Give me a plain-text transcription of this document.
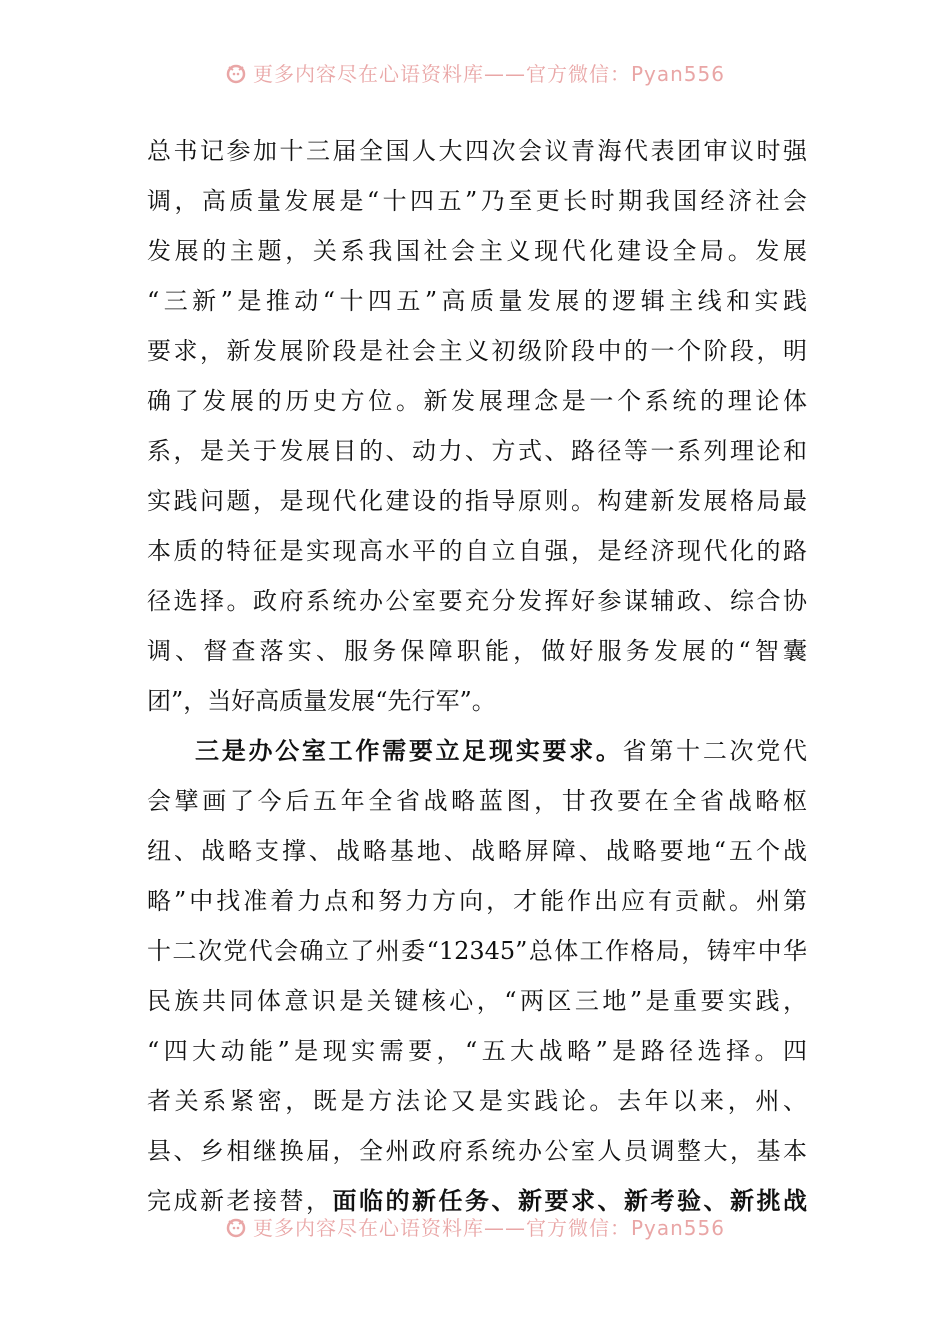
更多内容尽在心语资料库——官方微信：Pyan556
总书记参加十三届全国人大四次会议青海代表团审议时强
调，高质量发展是“十四五”乃至更长时期我国经济社会
发展的主题，关系我国社会主义现代化建设全局。发展
“三新”是推动“十四五”高质量发展的逻辑主线和实践
要求，新发展阶段是社会主义初级阶段中的一个阶段，明
确了发展的历史方位。新发展理念是一个系统的理论体
系，是关于发展目的、动力、方式、路径等一系列理论和
实践问题，是现代化建设的指导原则。构建新发展格局最
本质的特征是实现高水平的自立自强，是经济现代化的路
径选择。政府系统办公室要充分发挥好参谋辅政、综合协
调、督查落实、服务保障职能，做好服务发展的“智囊
团”，当好高质量发展“先行军”。
三是办公室工作需要立足现实要求。省第十二次党代
会擘画了今后五年全省战略蓝图，甘孜要在全省战略枢
纽、战略支撑、战略基地、战略屏障、战略要地“五个战
略”中找准着力点和努力方向，才能作出应有贡献。州第
十二次党代会确立了州委“12345”总体工作格局，铸牢中华
民族共同体意识是关键核心，“两区三地”是重要实践，
“四大动能”是现实需要，“五大战略”是路径选择。四
者关系紧密，既是方法论又是实践论。去年以来，州、
县、乡相继换届，全州政府系统办公室人员调整大，基本
完成新老接替，面临的新任务、新要求、新考验、新挑战
更多内容尽在心语资料库——官方微信：Pyan556
